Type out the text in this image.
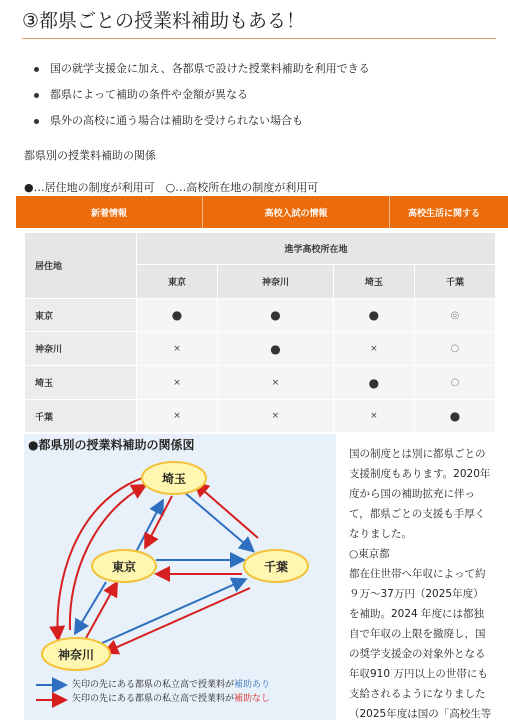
③都県ごとの授業料補助もある！
国の就学支援金に加え、各都県で設けた授業料補助を利用できる
都県によって補助の条件や金額が異なる
県外の高校に通う場合は補助を受けられない場合も
都県別の授業料補助の関係
●…居住地の制度が利用可　○…高校所在地の制度が利用可
新着情報	高校入試の情報	高校生活に関する
居住地	進学高校所在地			
	東京	神奈川	埼玉	千葉
東京	●	●	●	◎
神奈川	×	●	×	○
埼玉	×	×	●	○
千葉	×	×	×	●
埼玉
東京	千葉
神奈川
●都県別の授業料補助の関係図
矢印の先にある都県の私立高で授業料が補助あり
矢印の先にある都県の私立高で授業料が補助なし

国の制度とは別に都県ごとの

支援制度もあります。2020年

度から国の補助拡充に伴っ

て，都県ごとの支援も手厚く

なりました。

○東京都

都在住世帯へ年収によって約

９万～37万円（2025年度）

を補助。2024 年度には都独

自で年収の上限を撤廃し，国

の奨学支援金の対象外となる

年収910 万円以上の世帯にも

支給されるようになりました

（2025年度は国の「高校生等
